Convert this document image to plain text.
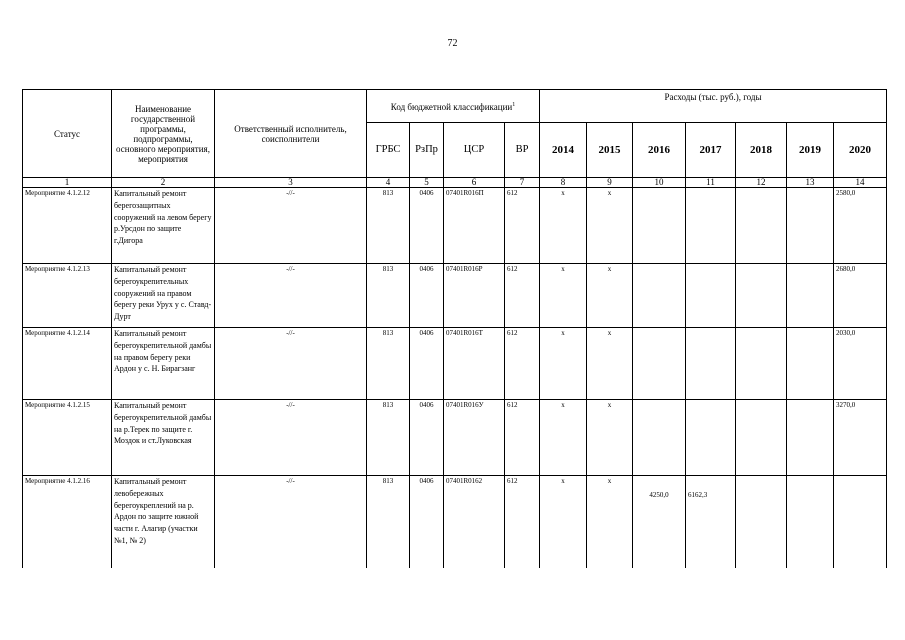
72
Статус	Наименование государственной программы, подпрограммы, основного мероприятия, мероприятия	Ответственный исполнитель, соисполнители	Код бюджетной классификации$^1$				Расходы (тыс. руб.), годы						
			ГРБС	РзПр	ЦСР	ВР	2014	2015	2016	2017	2018	2019	2020
1	2	3	4	5	6	7	8	9	10	11	12	13	14
Мероприятие 4.1.2.12	Капитальный ремонт берегозащитных сооружений на левом берегу р.Урсдон по защите г.Дигора	-//-	813	0406	07401R016П	612	х	х					2580,0
Мероприятие 4.1.2.13	Капитальный ремонт берегоукрепительных сооружений на правом берегу реки Урух у с. Ставд-Дурт	-//-	813	0406	07401R016Р	612	х	х					2680,0
Мероприятие 4.1.2.14	Капитальный ремонт берегоукрепительной дамбы на правом берегу реки Ардон у с. Н. Бирагзанг	-//-	813	0406	07401R016Т	612	х	х					2030,0
Мероприятие 4.1.2.15	Капитальный ремонт берегоукрепительной дамбы на р.Терек по защите г. Моздок и ст.Луковская	-//-	813	0406	07401R016У	612	х	х					3270,0
Мероприятие 4.1.2.16	Капитальный ремонт левобережных берегоукреплений на р. Ардон по защите южной части г. Алагир (участки №1, № 2)	-//-	813	0406	07401R0162	612	х	х	4250,0	6162,3			
